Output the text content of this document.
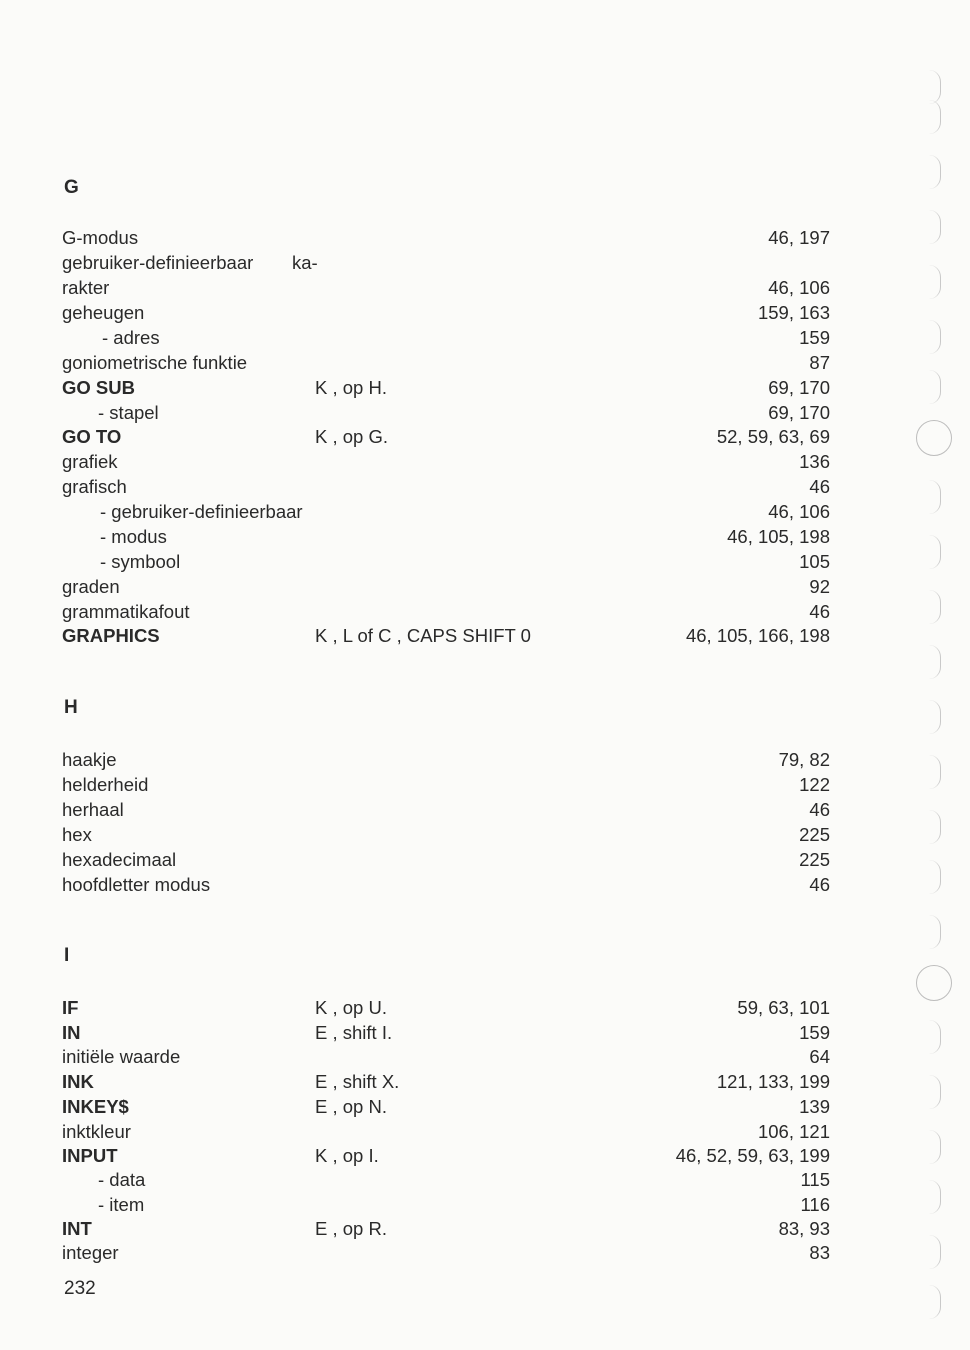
G
G-modus	46, 197
gebruiker-definieerbaar ka-
rakter	46, 106
geheugen	159, 163
- adres	159
goniometrische funktie	87
GO SUB	K , op H.	69, 170
- stapel	69, 170
GO TO	K , op G.	52, 59, 63, 69
grafiek	136
grafisch	46
- gebruiker-definieerbaar	46, 106
- modus	46, 105, 198
- symbool	105
graden	92
grammatikafout	46
GRAPHICS	K , L of C , CAPS SHIFT 0	46, 105, 166, 198
H
haakje	79, 82
helderheid	122
herhaal	46
hex	225
hexadecimaal	225
hoofdletter modus	46
I
IF	K , op U.	59, 63, 101
IN	E , shift I.	159
initiële waarde	64
INK	E , shift X.	121, 133, 199
INKEY$	E , op N.	139
inktkleur	106, 121
INPUT	K , op I.	46, 52, 59, 63, 199
- data	115
- item	116
INT	E , op R.	83, 93
integer	83
232
